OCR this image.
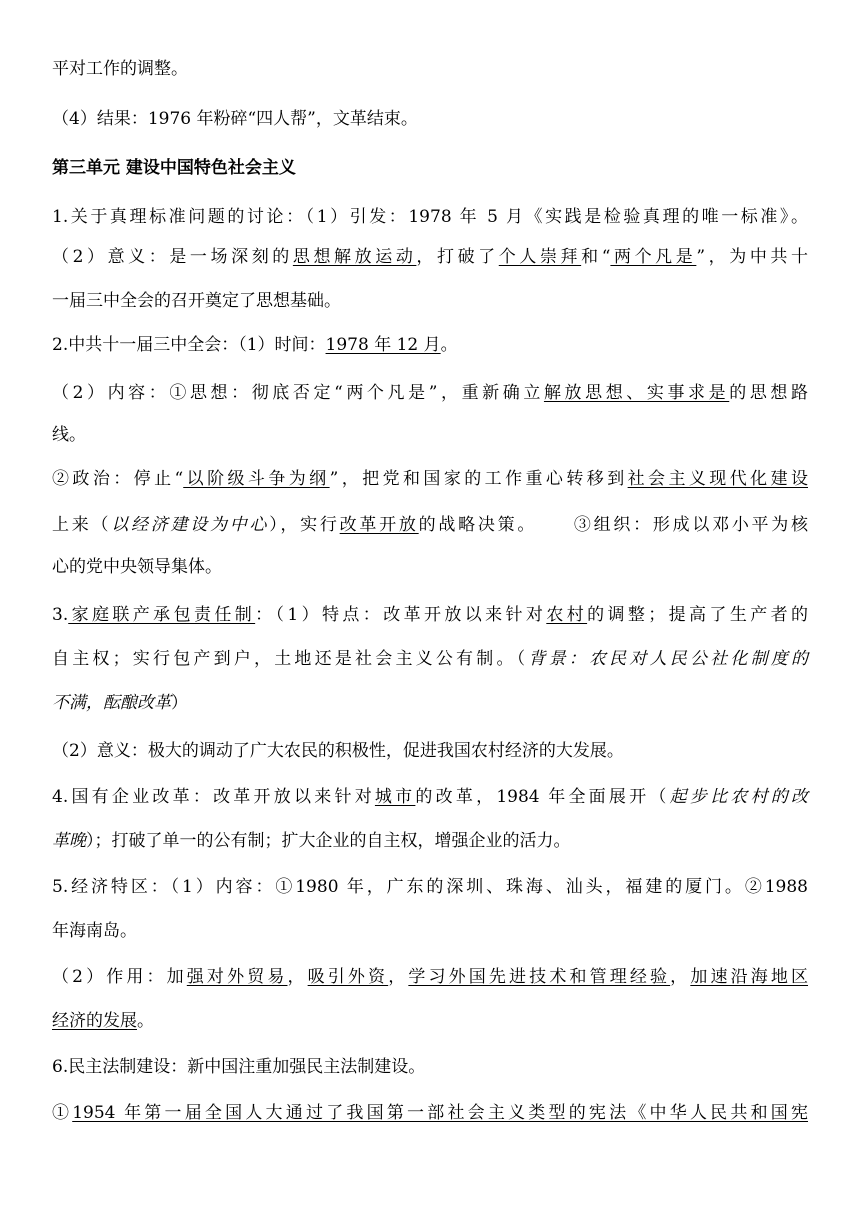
平对工作的调整。
（4）结果：1976 年粉碎“四人帮”，文革结束。
第三单元 建设中国特色社会主义
1.关于真理标准问题的讨论：（1）引发：1978 年 5 月《实践是检验真理的唯一标准》。
（2）意义：是一场深刻的思想解放运动，打破了个人崇拜和“两个凡是”，为中共十
一届三中全会的召开奠定了思想基础。
2.中共十一届三中全会：（1）时间：1978 年 12 月。
（2）内容：①思想：彻底否定“两个凡是”，重新确立解放思想、实事求是的思想路
线。
②政治：停止“以阶级斗争为纲”，把党和国家的工作重心转移到社会主义现代化建设
上来（以经济建设为中心），实行改革开放的战略决策。 ③组织：形成以邓小平为核
心的党中央领导集体。
3.家庭联产承包责任制：（1）特点：改革开放以来针对农村的调整；提高了生产者的
自主权；实行包产到户，土地还是社会主义公有制。（背景：农民对人民公社化制度的
不满，酝酿改革）
（2）意义：极大的调动了广大农民的积极性，促进我国农村经济的大发展。
4.国有企业改革：改革开放以来针对城市的改革，1984 年全面展开（起步比农村的改
革晚）；打破了单一的公有制；扩大企业的自主权，增强企业的活力。
5.经济特区：（1）内容：①1980 年，广东的深圳、珠海、汕头，福建的厦门。②1988
年海南岛。
（2）作用：加强对外贸易，吸引外资，学习外国先进技术和管理经验，加速沿海地区
经济的发展。
6.民主法制建设：新中国注重加强民主法制建设。
①1954 年第一届全国人大通过了我国第一部社会主义类型的宪法《中华人民共和国宪
